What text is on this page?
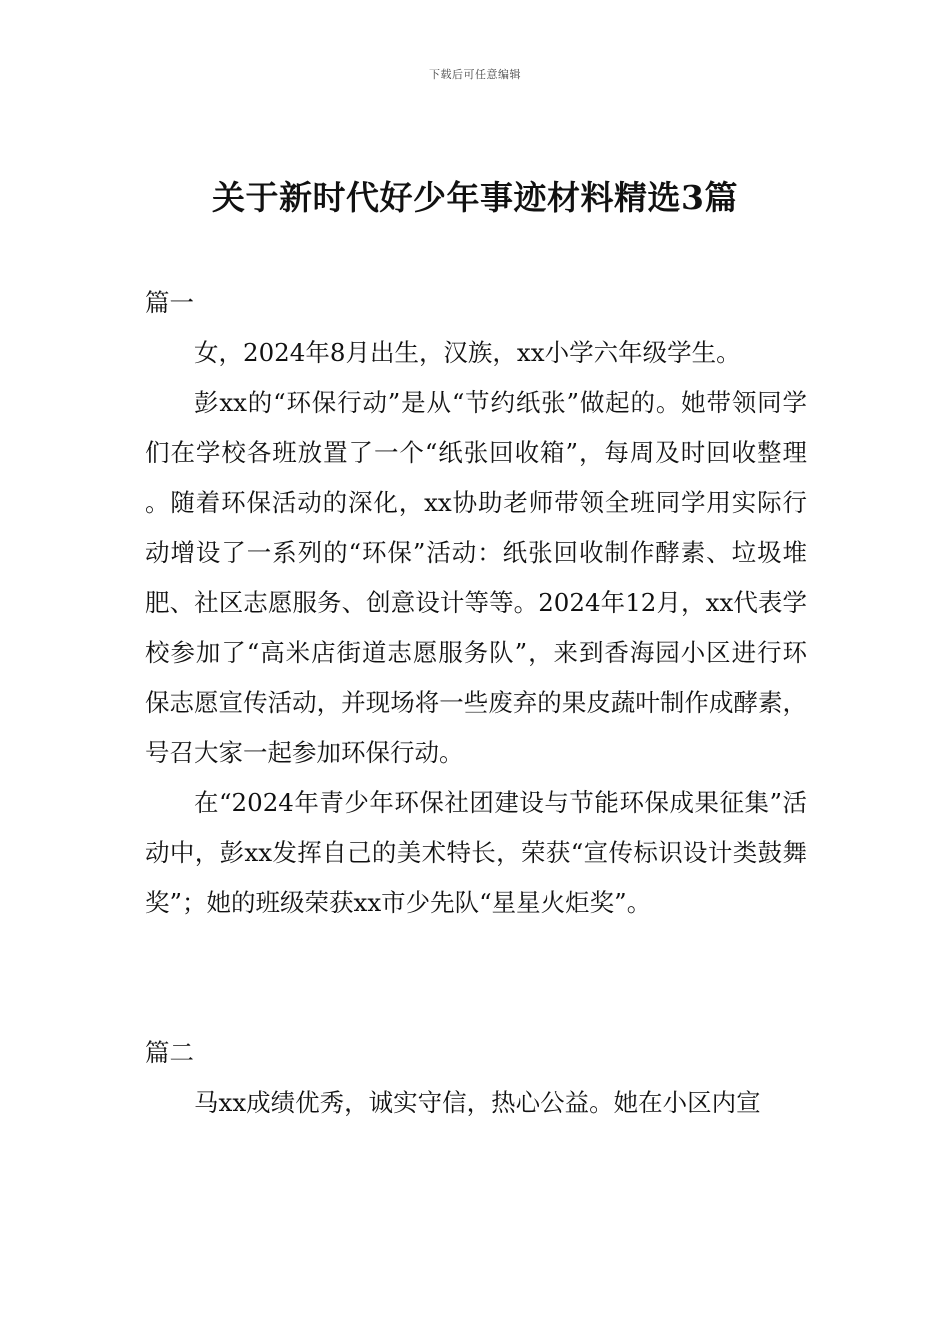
下载后可任意编辑
关于新时代好少年事迹材料精选3篇
篇一

女，2024年8月出生，汉族，xx小学六年级学生。

彭xx的“环保行动”是从“节约纸张”做起的。她带领同学们在学校各班放置了一个“纸张回收箱”，每周及时回收整理。随着环保活动的深化，xx协助老师带领全班同学用实际行动增设了一系列的“环保”活动：纸张回收制作酵素、垃圾堆肥、社区志愿服务、创意设计等等。2024年12月，xx代表学校参加了“高米店街道志愿服务队”，来到香海园小区进行环保志愿宣传活动，并现场将一些废弃的果皮蔬叶制作成酵素，号召大家一起参加环保行动。

在“2024年青少年环保社团建设与节能环保成果征集”活动中，彭xx发挥自己的美术特长，荣获“宣传标识设计类鼓舞奖”；她的班级荣获xx市少先队“星星火炬奖”。

篇二

马xx成绩优秀，诚实守信，热心公益。她在小区内宣
